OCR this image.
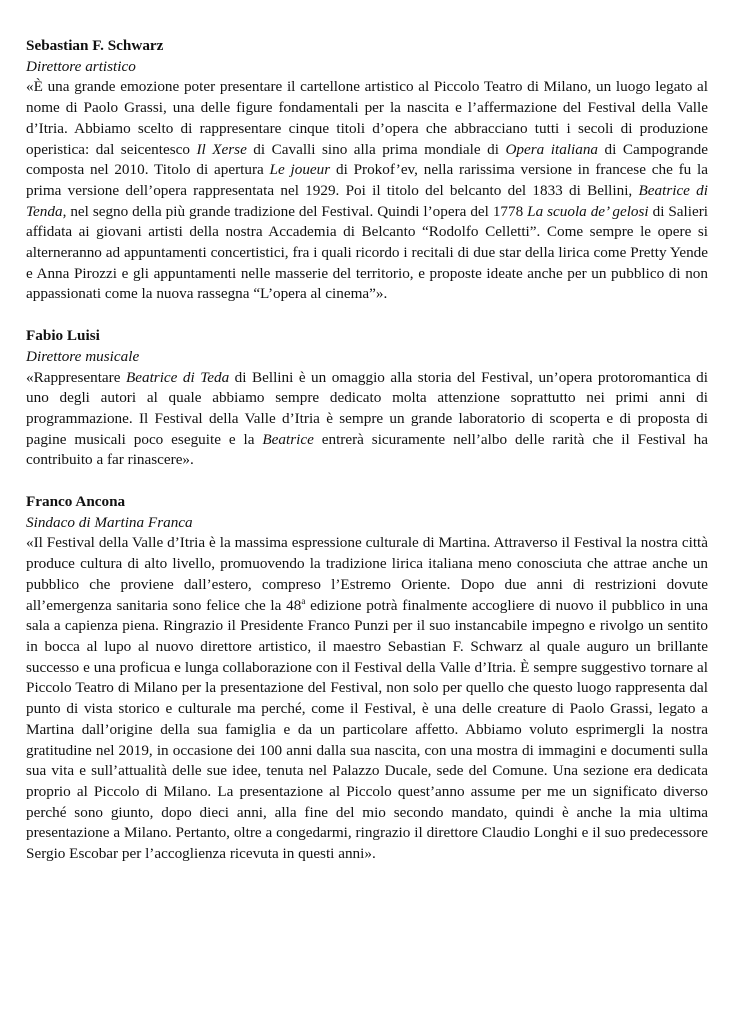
Sebastian F. Schwarz

Direttore artistico

«È una grande emozione poter presentare il cartellone artistico al Piccolo Teatro di Milano, un luogo legato al nome di Paolo Grassi, una delle figure fondamentali per la nascita e l’affermazione del Festival della Valle d’Itria. Abbiamo scelto di rappresentare cinque titoli d’opera che abbracciano tutti i secoli di produzione operistica: dal seicentesco Il Xerse di Cavalli sino alla prima mondiale di Opera italiana di Campogrande composta nel 2010. Titolo di apertura Le joueur di Prokof’ev, nella rarissima versione in francese che fu la prima versione dell’opera rappresentata nel 1929. Poi il titolo del belcanto del 1833 di Bellini, Beatrice di Tenda, nel segno della più grande tradizione del Festival. Quindi l’opera del 1778 La scuola de’ gelosi di Salieri affidata ai giovani artisti della nostra Accademia di Belcanto “Rodolfo Celletti”. Come sempre le opere si alterneranno ad appuntamenti concertistici, fra i quali ricordo i recitali di due star della lirica come Pretty Yende e Anna Pirozzi e gli appuntamenti nelle masserie del territorio, e proposte ideate anche per un pubblico di non appassionati come la nuova rassegna “L’opera al cinema”».

Fabio Luisi

Direttore musicale

«Rappresentare Beatrice di Teda di Bellini è un omaggio alla storia del Festival, un’opera protoromantica di uno degli autori al quale abbiamo sempre dedicato molta attenzione soprattutto nei primi anni di programmazione. Il Festival della Valle d’Itria è sempre un grande laboratorio di scoperta e di proposta di pagine musicali poco eseguite e la Beatrice entrerà sicuramente nell’albo delle rarità che il Festival ha contribuito a far rinascere».

Franco Ancona

Sindaco di Martina Franca

«Il Festival della Valle d’Itria è la massima espressione culturale di Martina. Attraverso il Festival la nostra città produce cultura di alto livello, promuovendo la tradizione lirica italiana meno conosciuta che attrae anche un pubblico che proviene dall’estero, compreso l’Estremo Oriente. Dopo due anni di restrizioni dovute all’emergenza sanitaria sono felice che la 48$^a$ edizione potrà finalmente accogliere di nuovo il pubblico in una sala a capienza piena. Ringrazio il Presidente Franco Punzi per il suo instancabile impegno e rivolgo un sentito in bocca al lupo al nuovo direttore artistico, il maestro Sebastian F. Schwarz al quale auguro un brillante successo e una proficua e lunga collaborazione con il Festival della Valle d’Itria. È sempre suggestivo tornare al Piccolo Teatro di Milano per la presentazione del Festival, non solo per quello che questo luogo rappresenta dal punto di vista storico e culturale ma perché, come il Festival, è una delle creature di Paolo Grassi, legato a Martina dall’origine della sua famiglia e da un particolare affetto. Abbiamo voluto esprimergli la nostra gratitudine nel 2019, in occasione dei 100 anni dalla sua nascita, con una mostra di immagini e documenti sulla sua vita e sull’attualità delle sue idee, tenuta nel Palazzo Ducale, sede del Comune. Una sezione era dedicata proprio al Piccolo di Milano. La presentazione al Piccolo quest’anno assume per me un significato diverso perché sono giunto, dopo dieci anni, alla fine del mio secondo mandato, quindi è anche la mia ultima presentazione a Milano. Pertanto, oltre a congedarmi, ringrazio il direttore Claudio Longhi e il suo predecessore Sergio Escobar per l’accoglienza ricevuta in questi anni».
